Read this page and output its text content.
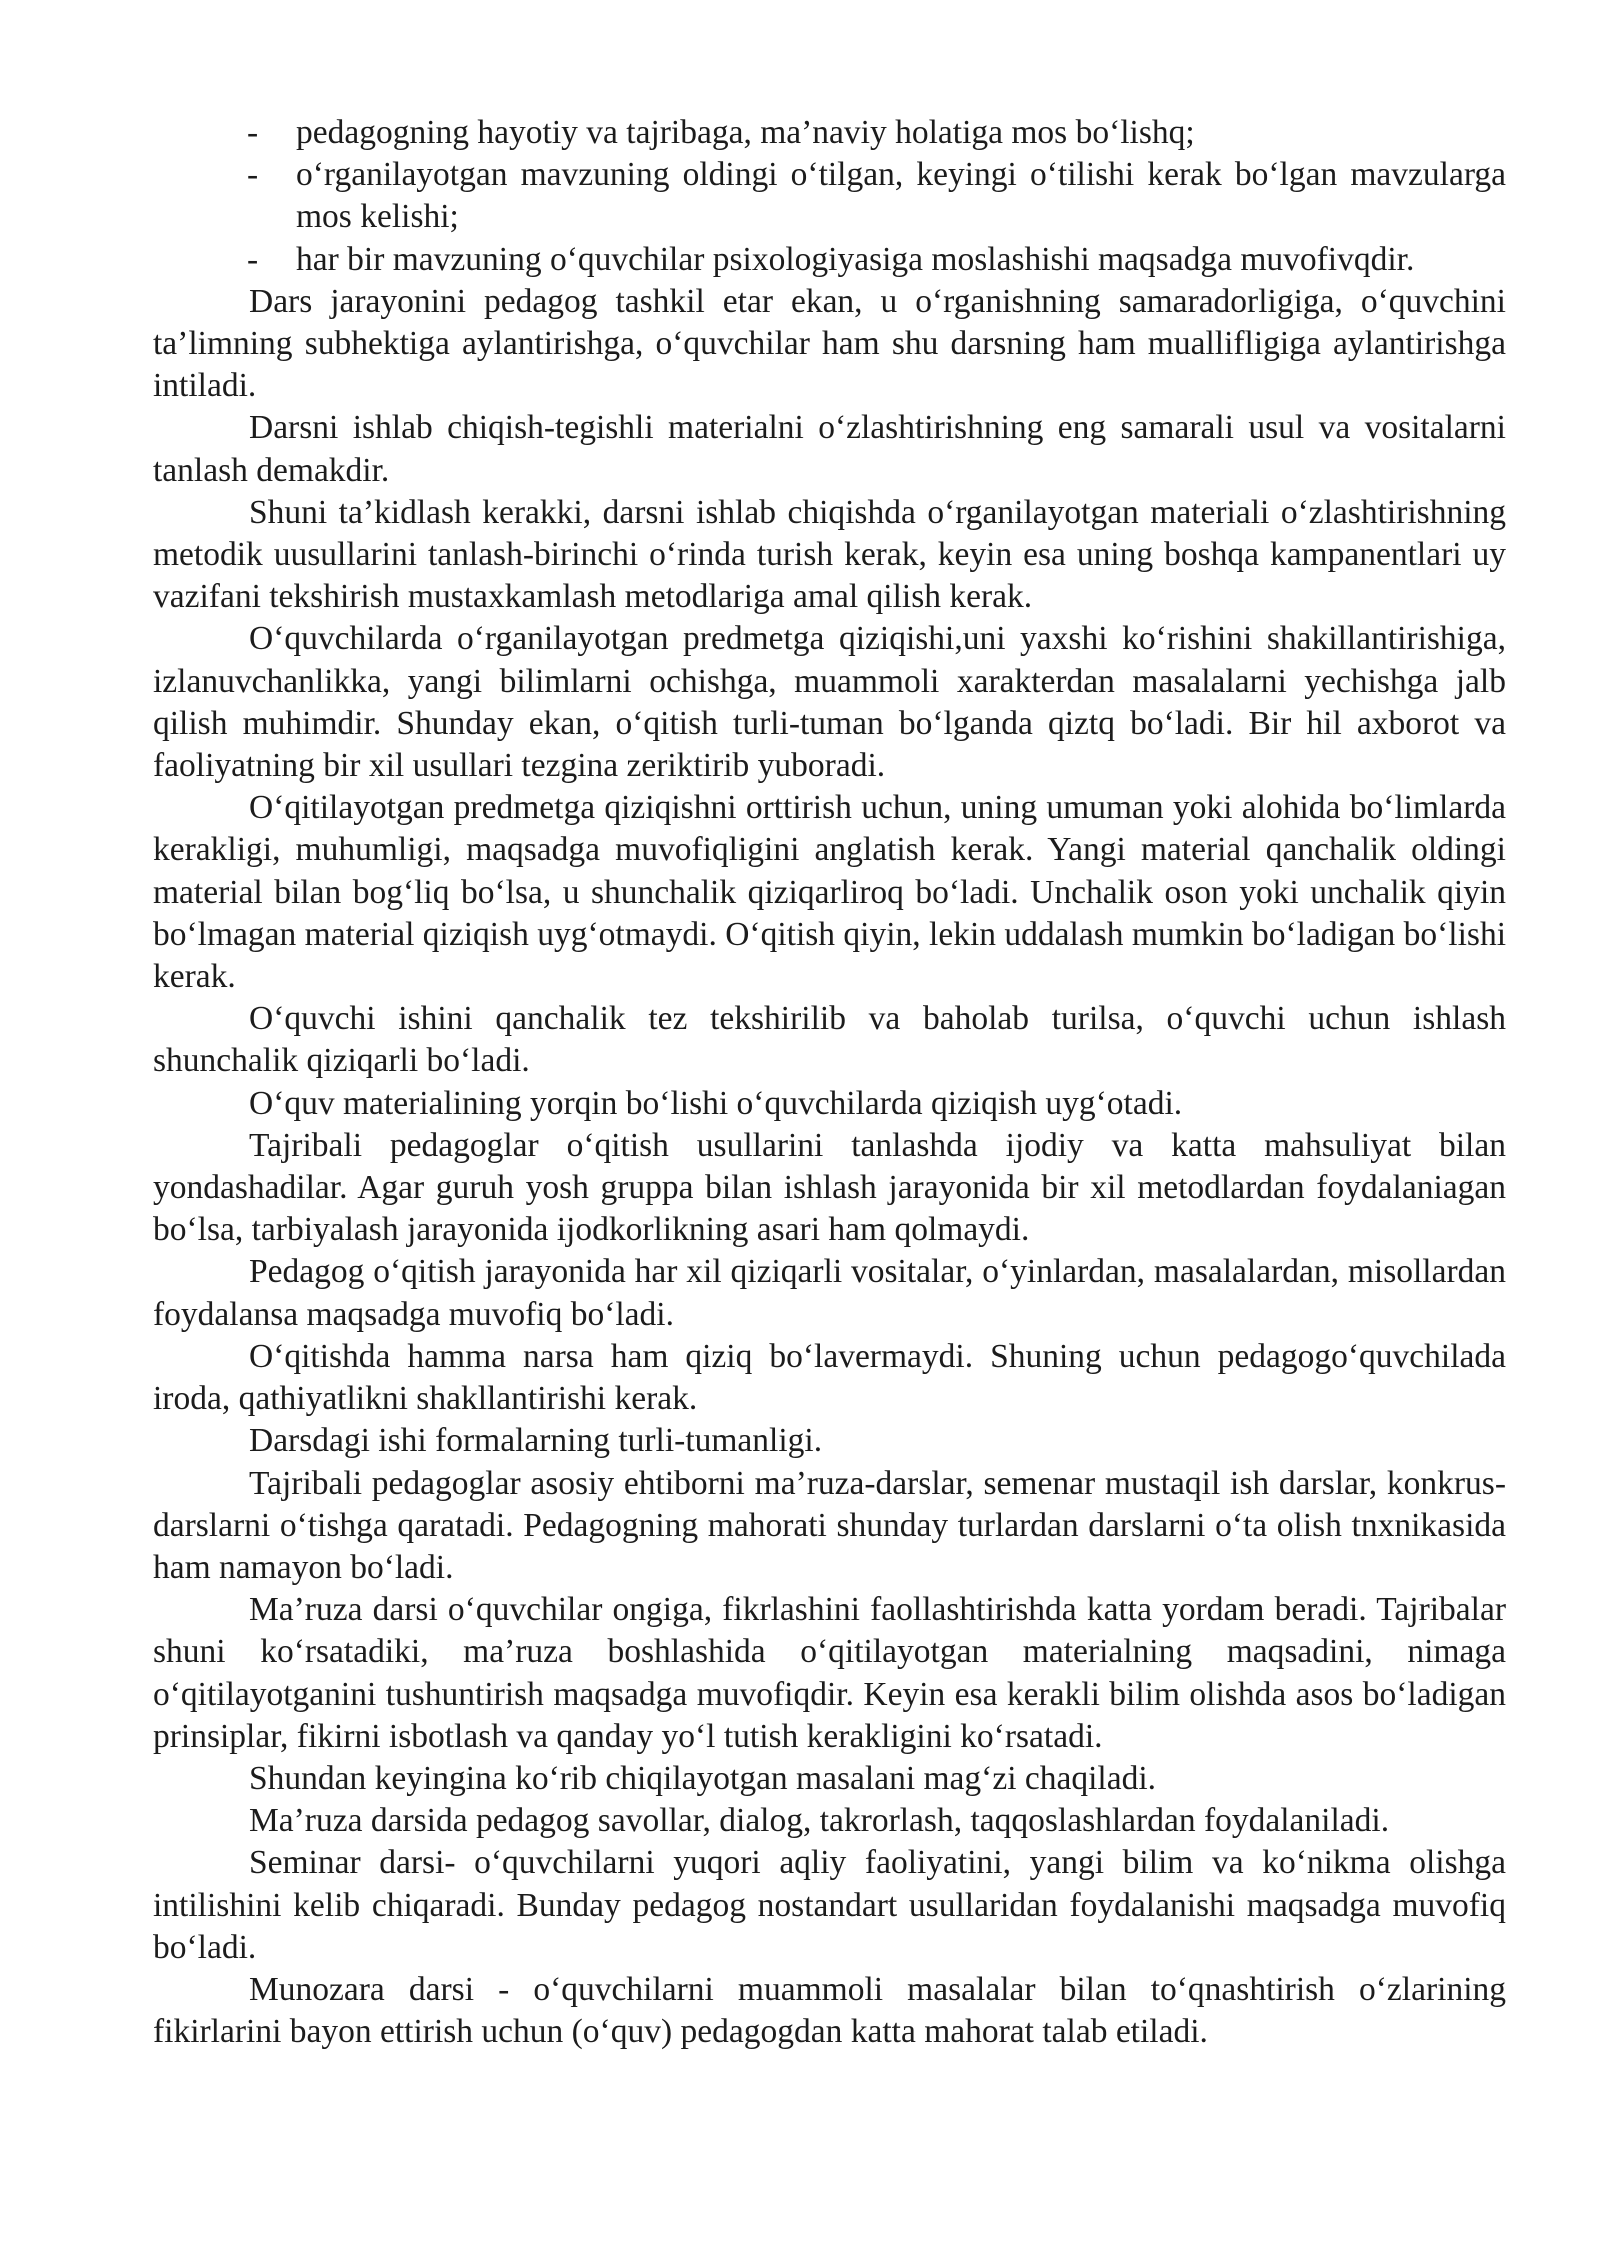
- pedagogning hayotiy va tajribaga, ma’naviy holatiga mos boʻlishq;
- oʻrganilayotgan mavzuning oldingi oʻtilgan, keyingi oʻtilishi kerak boʻlgan mavzularga mos kelishi;
- har bir mavzuning oʻquvchilar psixologiyasiga moslashishi maqsadga muvofivqdir.

Dars jarayonini pedagog tashkil etar ekan, u oʻrganishning samaradorligiga, oʻquvchini ta’limning subhektiga aylantirishga, oʻquvchilar ham shu darsning ham muallifligiga aylantirishga intiladi.

Darsni ishlab chiqish-tegishli materialni oʻzlashtirishning eng samarali usul va vositalarni tanlash demakdir.

Shuni ta’kidlash kerakki, darsni ishlab chiqishda oʻrganilayotgan materiali oʻzlashtirishning metodik uusullarini tanlash-birinchi oʻrinda turish kerak, keyin esa uning boshqa kampanentlari uy vazifani tekshirish mustaxkamlash metodlariga amal qilish kerak.

Oʻquvchilarda oʻrganilayotgan predmetga qiziqishi,uni yaxshi koʻrishini shakillantirishiga, izlanuvchanlikka, yangi bilimlarni ochishga, muammoli xarakterdan masalalarni yechishga jalb qilish muhimdir. Shunday ekan, oʻqitish turli-tuman boʻlganda qiztq boʻladi. Bir hil axborot va faoliyatning bir xil usullari tezgina zeriktirib yuboradi.

Oʻqitilayotgan predmetga qiziqishni orttirish uchun, uning umuman yoki alohida boʻlimlarda kerakligi, muhumligi, maqsadga muvofiqligini anglatish kerak. Yangi material qanchalik oldingi material bilan bogʻliq boʻlsa, u shunchalik qiziqarliroq boʻladi. Unchalik oson yoki unchalik qiyin boʻlmagan material qiziqish uygʻotmaydi. Oʻqitish qiyin, lekin uddalash mumkin boʻladigan boʻlishi kerak.

Oʻquvchi ishini qanchalik tez tekshirilib va baholab turilsa, oʻquvchi uchun ishlash shunchalik qiziqarli boʻladi.

Oʻquv materialining yorqin boʻlishi oʻquvchilarda qiziqish uygʻotadi.

Tajribali pedagoglar oʻqitish usullarini tanlashda ijodiy va katta mahsuliyat bilan yondashadilar. Agar guruh yosh gruppa bilan ishlash jarayonida bir xil metodlardan foydalaniagan boʻlsa, tarbiyalash jarayonida ijodkorlikning asari ham qolmaydi.

Pedagog oʻqitish jarayonida har xil qiziqarli vositalar, oʻyinlardan, masalalardan, misollardan foydalansa maqsadga muvofiq boʻladi.

Oʻqitishda hamma narsa ham qiziq boʻlavermaydi. Shuning uchun pedagogoʻquvchilada iroda, qathiyatlikni shakllantirishi kerak.

Darsdagi ishi formalarning turli-tumanligi.

Tajribali pedagoglar asosiy ehtiborni ma’ruza-darslar, semenar mustaqil ish darslar, konkrus-darslarni oʻtishga qaratadi. Pedagogning mahorati shunday turlardan darslarni oʻta olish tnxnikasida ham namayon boʻladi.

Ma’ruza darsi oʻquvchilar ongiga, fikrlashini faollashtirishda katta yordam beradi. Tajribalar shuni koʻrsatadiki, ma’ruza boshlashida oʻqitilayotgan materialning maqsadini, nimaga oʻqitilayotganini tushuntirish maqsadga muvofiqdir. Keyin esa kerakli bilim olishda asos boʻladigan prinsiplar, fikirni isbotlash va qanday yoʻl tutish kerakligini koʻrsatadi.

Shundan keyingina koʻrib chiqilayotgan masalani magʻzi chaqiladi.

Ma’ruza darsida pedagog savollar, dialog, takrorlash, taqqoslashlardan foydalaniladi.

Seminar darsi- oʻquvchilarni yuqori aqliy faoliyatini, yangi bilim va koʻnikma olishga intilishini kelib chiqaradi. Bunday pedagog nostandart usullaridan foydalanishi maqsadga muvofiq boʻladi.

Munozara darsi - oʻquvchilarni muammoli masalalar bilan toʻqnashtirish oʻzlarining fikirlarini bayon ettirish uchun (oʻquv) pedagogdan katta mahorat talab etiladi.
